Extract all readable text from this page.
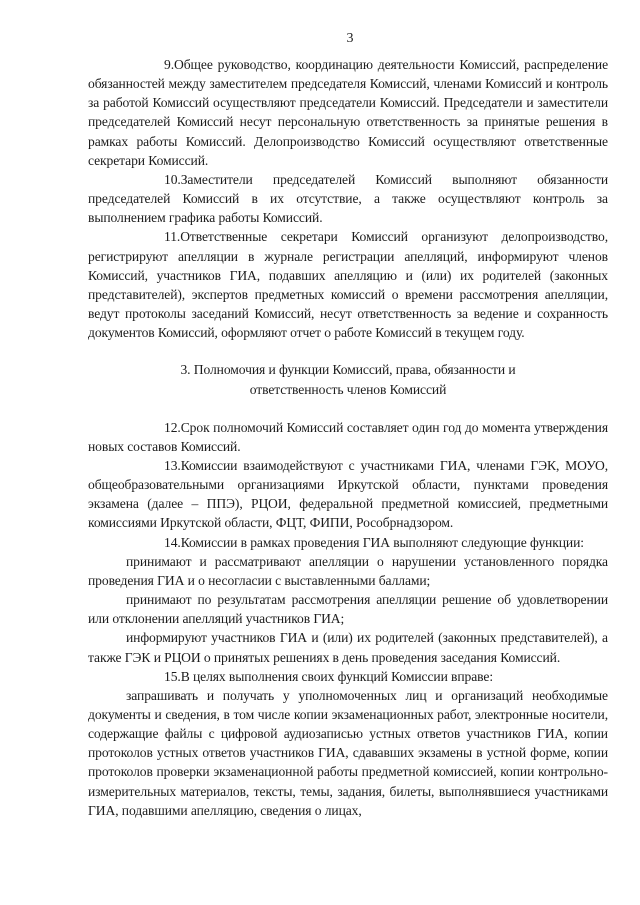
3

9.Общее руководство, координацию деятельности Комиссий, распределение обязанностей между заместителем председателя Комиссий, членами Комиссий и контроль за работой Комиссий осуществляют председатели Комиссий. Председатели и заместители председателей Комиссий несут персональную ответственность за принятые решения в рамках работы Комиссий. Делопроизводство Комиссий осуществляют ответственные секретари Комиссий.

10.Заместители председателей Комиссий выполняют обязанности председателей Комиссий в их отсутствие, а также осуществляют контроль за выполнением графика работы Комиссий.

11.Ответственные секретари Комиссий организуют делопроизводство, регистрируют апелляции в журнале регистрации апелляций, информируют членов Комиссий, участников ГИА, подавших апелляцию и (или) их родителей (законных представителей), экспертов предметных комиссий о времени рассмотрения апелляции, ведут протоколы заседаний Комиссий, несут ответственность за ведение и сохранность документов Комиссий, оформляют отчет о работе Комиссий в текущем году.

3. Полномочия и функции Комиссий, права, обязанности и
ответственность членов Комиссий

12.Срок полномочий Комиссий составляет один год до момента утверждения новых составов Комиссий.

13.Комиссии взаимодействуют с участниками ГИА, членами ГЭК, МОУО, общеобразовательными организациями Иркутской области, пунктами проведения экзамена (далее – ППЭ), РЦОИ, федеральной предметной комиссией, предметными комиссиями Иркутской области, ФЦТ, ФИПИ, Рособрнадзором.

14.Комиссии в рамках проведения ГИА выполняют следующие функции:

принимают и рассматривают апелляции о нарушении установленного порядка проведения ГИА и о несогласии с выставленными баллами;

принимают по результатам рассмотрения апелляции решение об удовлетворении или отклонении апелляций участников ГИА;

информируют участников ГИА и (или) их родителей (законных представителей), а также ГЭК и РЦОИ о принятых решениях в день проведения заседания Комиссий.

15.В целях выполнения своих функций Комиссии вправе:

запрашивать и получать у уполномоченных лиц и организаций необходимые документы и сведения, в том числе копии экзаменационных работ, электронные носители, содержащие файлы с цифровой аудиозаписью устных ответов участников ГИА, копии протоколов устных ответов участников ГИА, сдававших экзамены в устной форме, копии протоколов проверки экзаменационной работы предметной комиссией, копии контрольно-измерительных материалов, тексты, темы, задания, билеты, выполнявшиеся участниками ГИА, подавшими апелляцию, сведения о лицах,
